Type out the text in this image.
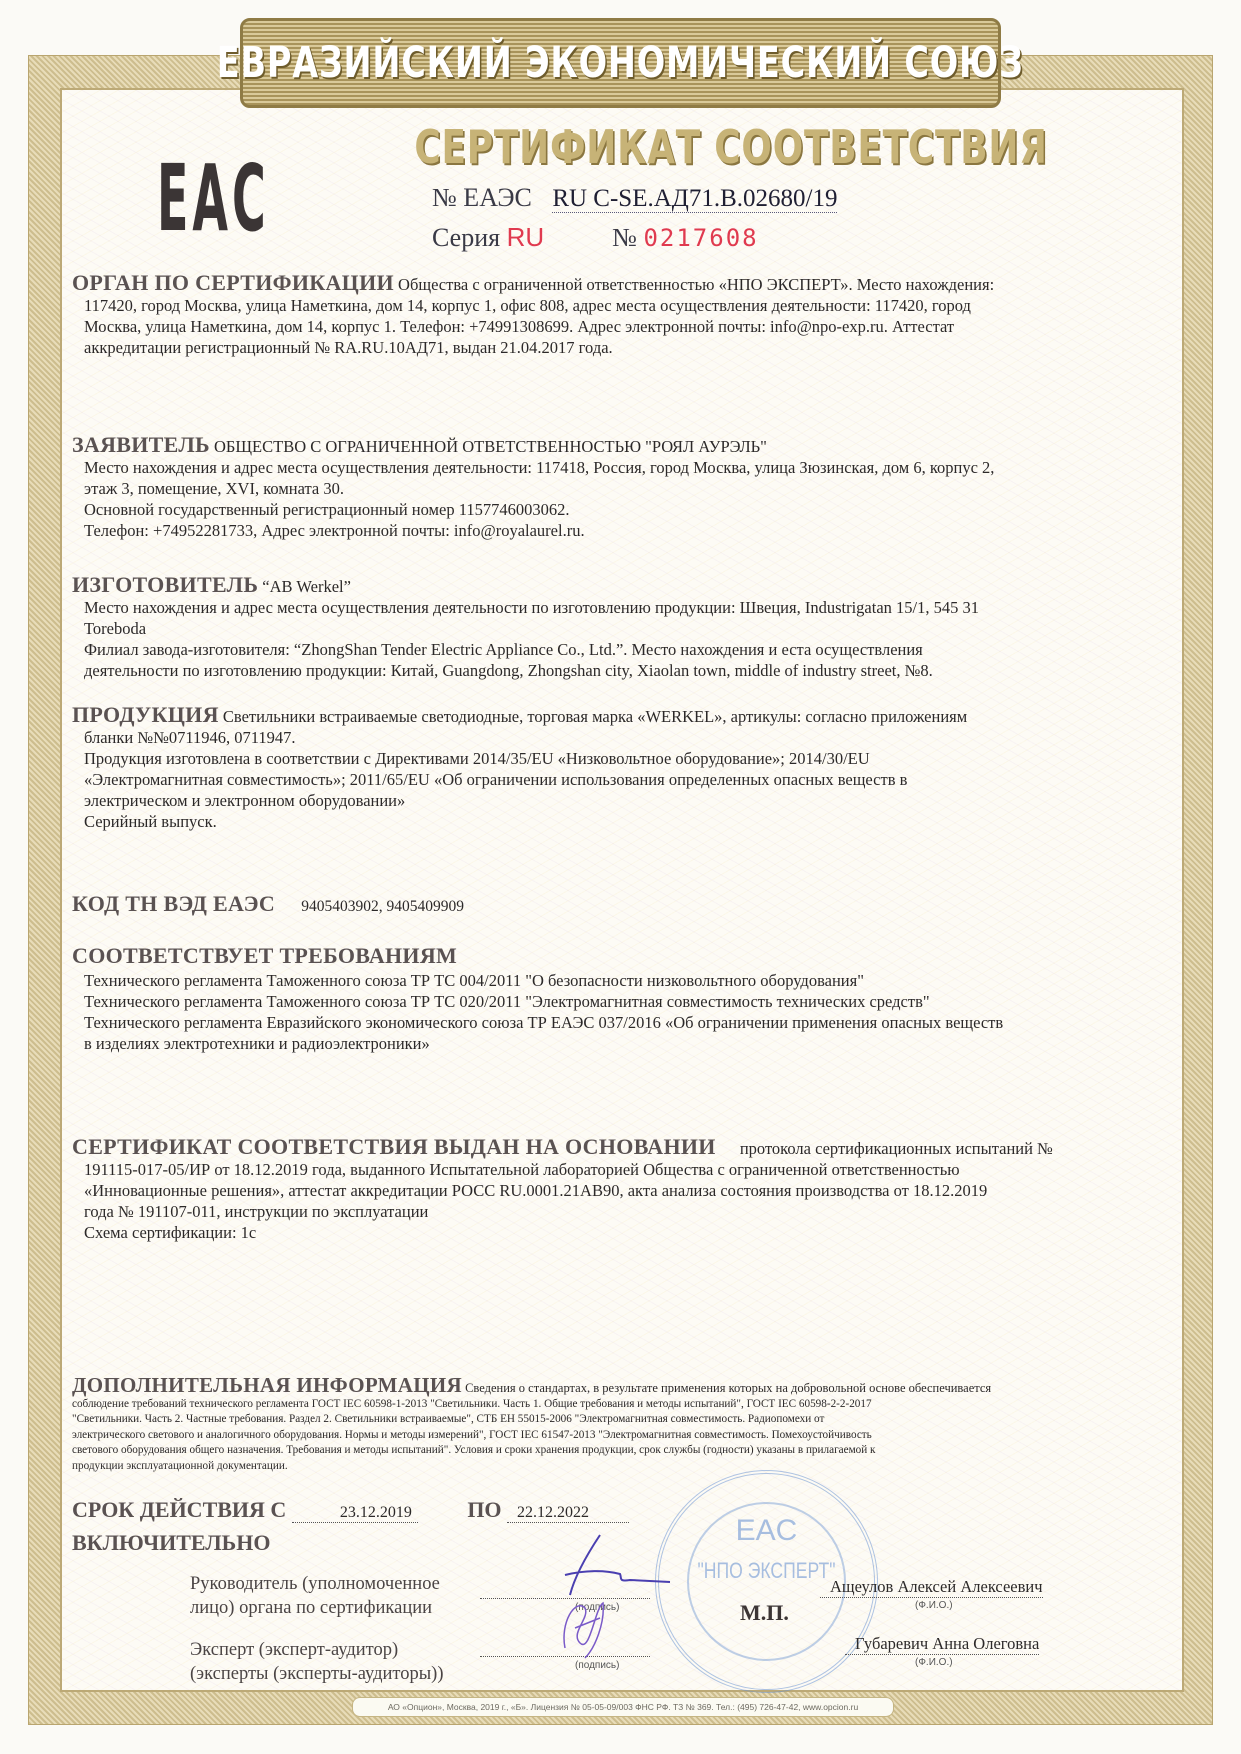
ЕВРАЗИЙСКИЙ ЭКОНОМИЧЕСКИЙ СОЮЗ
СЕРТИФИКАТ СООТВЕТСТВИЯ
EAC	№ ЕАЭС RU С-SE.АД71.В.02680/19
Серия RU	№ 0217608
ОРГАН ПО СЕРТИФИКАЦИИ Общества с ограниченной ответственностью «НПО ЭКСПЕРТ». Место нахождения:
117420, город Москва, улица Наметкина, дом 14, корпус 1, офис 808, адрес места осуществления деятельности: 117420, город
Москва, улица Наметкина, дом 14, корпус 1. Телефон: +74991308699. Адрес электронной почты: info@npo-exp.ru. Аттестат
аккредитации регистрационный № RA.RU.10АД71, выдан 21.04.2017 года.
ЗАЯВИТЕЛЬ ОБЩЕСТВО С ОГРАНИЧЕННОЙ ОТВЕТСТВЕННОСТЬЮ "РОЯЛ АУРЭЛЬ"
Место нахождения и адрес места осуществления деятельности: 117418, Россия, город Москва, улица Зюзинская, дом 6, корпус 2,
этаж 3, помещение, XVI, комната 30.
Основной государственный регистрационный номер 1157746003062.
Телефон: +74952281733, Адрес электронной почты: info@royalaurel.ru.
ИЗГОТОВИТЕЛЬ “AB Werkel”
Место нахождения и адрес места осуществления деятельности по изготовлению продукции: Швеция, Industrigatan 15/1, 545 31
Toreboda
Филиал завода-изготовителя: “ZhongShan Tender Electric Appliance Co., Ltd.”. Место нахождения и еста осуществления
деятельности по изготовлению продукции: Китай, Guangdong, Zhongshan city, Xiaolan town, middle of industry street, №8.
ПРОДУКЦИЯ Светильники встраиваемые светодиодные, торговая марка «WERKEL», артикулы: согласно приложениям
бланки №№0711946, 0711947.
Продукция изготовлена в соответствии с Директивами 2014/35/EU «Низковольтное оборудование»; 2014/30/EU
«Электромагнитная совместимость»; 2011/65/EU «Об ограничении использования определенных опасных веществ в
электрическом и электронном оборудовании»
Серийный выпуск.
КОД ТН ВЭД ЕАЭС 9405403902, 9405409909
СООТВЕТСТВУЕТ ТРЕБОВАНИЯМ
Технического регламента Таможенного союза ТР ТС 004/2011 "О безопасности низковольтного оборудования"
Технического регламента Таможенного союза ТР ТС 020/2011 "Электромагнитная совместимость технических средств"
Технического регламента Евразийского экономического союза ТР ЕАЭС 037/2016 «Об ограничении применения опасных веществ
в изделиях электротехники и радиоэлектроники»
СЕРТИФИКАТ СООТВЕТСТВИЯ ВЫДАН НА ОСНОВАНИИ протокола сертификационных испытаний №
191115-017-05/ИР от 18.12.2019 года, выданного Испытательной лабораторией Общества с ограниченной ответственностью
«Инновационные решения», аттестат аккредитации РОСС RU.0001.21АВ90, акта анализа состояния производства от 18.12.2019
года № 191107-011, инструкции по эксплуатации
Схема сертификации: 1с
ДОПОЛНИТЕЛЬНАЯ ИНФОРМАЦИЯ Сведения о стандартах, в результате применения которых на добровольной основе обеспечивается
соблюдение требований технического регламента ГОСТ IEC 60598-1-2013 "Светильники. Часть 1. Общие требования и методы испытаний", ГОСТ IEC 60598-2-2-2017
"Светильники. Часть 2. Частные требования. Раздел 2. Светильники встраиваемые", СТБ ЕН 55015-2006 "Электромагнитная совместимость. Радиопомехи от
электрического светового и аналогичного оборудования. Нормы и методы измерений", ГОСТ IEC 61547-2013 "Электромагнитная совместимость. Помехоустойчивость
светового оборудования общего назначения. Требования и методы испытаний". Условия и сроки хранения продукции, срок службы (годности) указаны в прилагаемой к
продукции эксплуатационной документации.
EAC
"НПО ЭКСПЕРТ"
СРОК ДЕЙСТВИЯ С	23.12.2019	ПО 22.12.2022
ВКЛЮЧИТЕЛЬНО
Руководитель (уполномоченное
лицо) органа по сертификации	(подпись)
Эксперт (эксперт-аудитор)
(эксперты (эксперты-аудиторы))	(подпись)
М.П.
Ащеулов Алексей Алексеевич
(Ф.И.О.)
Губаревич Анна Олеговна
(Ф.И.О.)
АО «Опцион», Москва, 2019 г., «Б». Лицензия № 05-05-09/003 ФНС РФ. ТЗ № 369. Тел.: (495) 726-47-42, www.opcion.ru
